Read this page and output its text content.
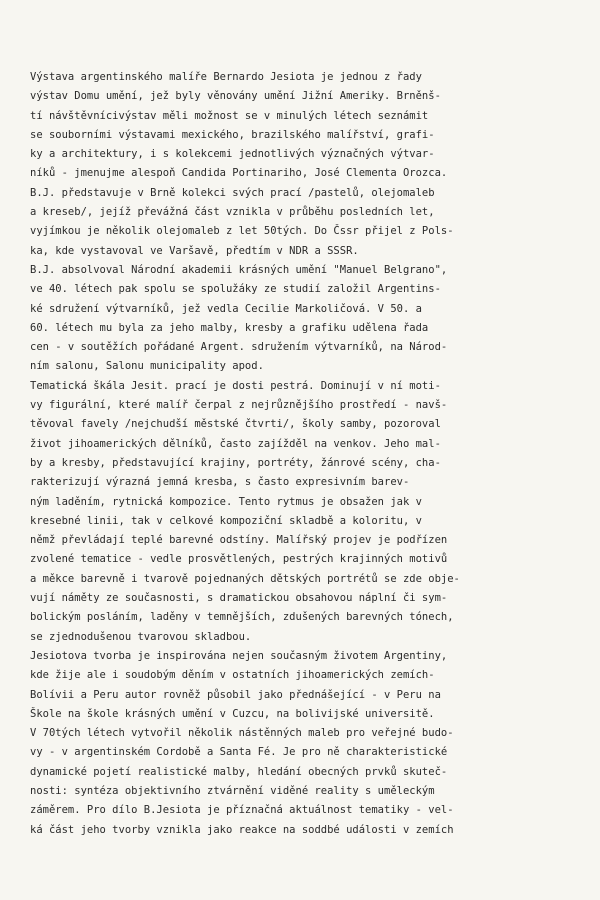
Výstava argentinského malíře Bernardo Jesiota je jednou z řady
výstav Domu umění, jež byly věnovány umění Jižní Ameriky. Brněnš-
tí návštěvnícivýstav měli možnost se v minulých létech seznámit
se souborními výstavami mexického, brazilského malířství, grafi-
ky a architektury, i s kolekcemi jednotlivých význačných výtvar-
níků - jmenujme alespoň Candida Portinariho, José Clementa Orozca.
B.J. představuje v Brně kolekci svých prací /pastelů, olejomaleb
a kreseb/, jejíž převážná část vznikla v průběhu posledních let,
vyjímkou je několik olejomaleb z let 50tých. Do Čssr přijel z Pols-
ka, kde vystavoval ve Varšavě, předtím v NDR a SSSR.
B.J. absolvoval Národní akademii krásných umění "Manuel Belgrano",
ve 40. létech pak spolu se spolužáky ze studií založil Argentins-
ké sdružení výtvarníků, jež vedla Cecilie Markoličová. V 50. a
60. létech mu byla za jeho malby, kresby a grafiku udělena řada
cen - v soutěžích pořádané Argent. sdružením výtvarníků, na Národ-
ním salonu, Salonu municipality apod.
Tematická škála Jesit. prací je dosti pestrá. Dominují v ní moti-
vy figurální, které malíř čerpal z nejrůznějšího prostředí - navš-
těvoval favely /nejchudší městské čtvrti/, školy samby, pozoroval
život jihoamerických dělníků, často zajížděl na venkov. Jeho mal-
by a kresby, představující krajiny, portréty, žánrové scény, cha-
rakterizují výrazná jemná kresba, s často expresivním barev-
ným laděním, rytnická kompozice. Tento rytmus je obsažen jak v
kresebné linii, tak v celkové kompoziční skladbě a koloritu, v
němž převládají teplé barevné odstíny. Malířský projev je podřízen
zvolené tematice - vedle prosvětlených, pestrých krajinných motivů
a měkce barevně i tvarově pojednaných dětských portrétů se zde obje-
vují náměty ze současnosti, s dramatickou obsahovou náplní či sym-
bolickým posláním, laděny v temnějších, zdušených barevných tónech,
se zjednodušenou tvarovou skladbou.
Jesiotova tvorba je inspirována nejen současným životem Argentiny,
kde žije ale i soudobým děním v ostatních jihoamerických zemích-
Bolívii a Peru autor rovněž působil jako přednášející - v Peru na
Škole na škole krásných umění v Cuzcu, na bolivijské universitě.
V 70tých létech vytvořil několik nástěnných maleb pro veřejné budo-
vy - v argentinském Cordobě a Santa Fé. Je pro ně charakteristické
dynamické pojetí realistické malby, hledání obecných prvků skuteč-
nosti: syntéza objektivního ztvárnění viděné reality s uměleckým
záměrem. Pro dílo B.Jesiota je příznačná aktuálnost tematiky - vel-
ká část jeho tvorby vznikla jako reakce na soddbé události v zemích
